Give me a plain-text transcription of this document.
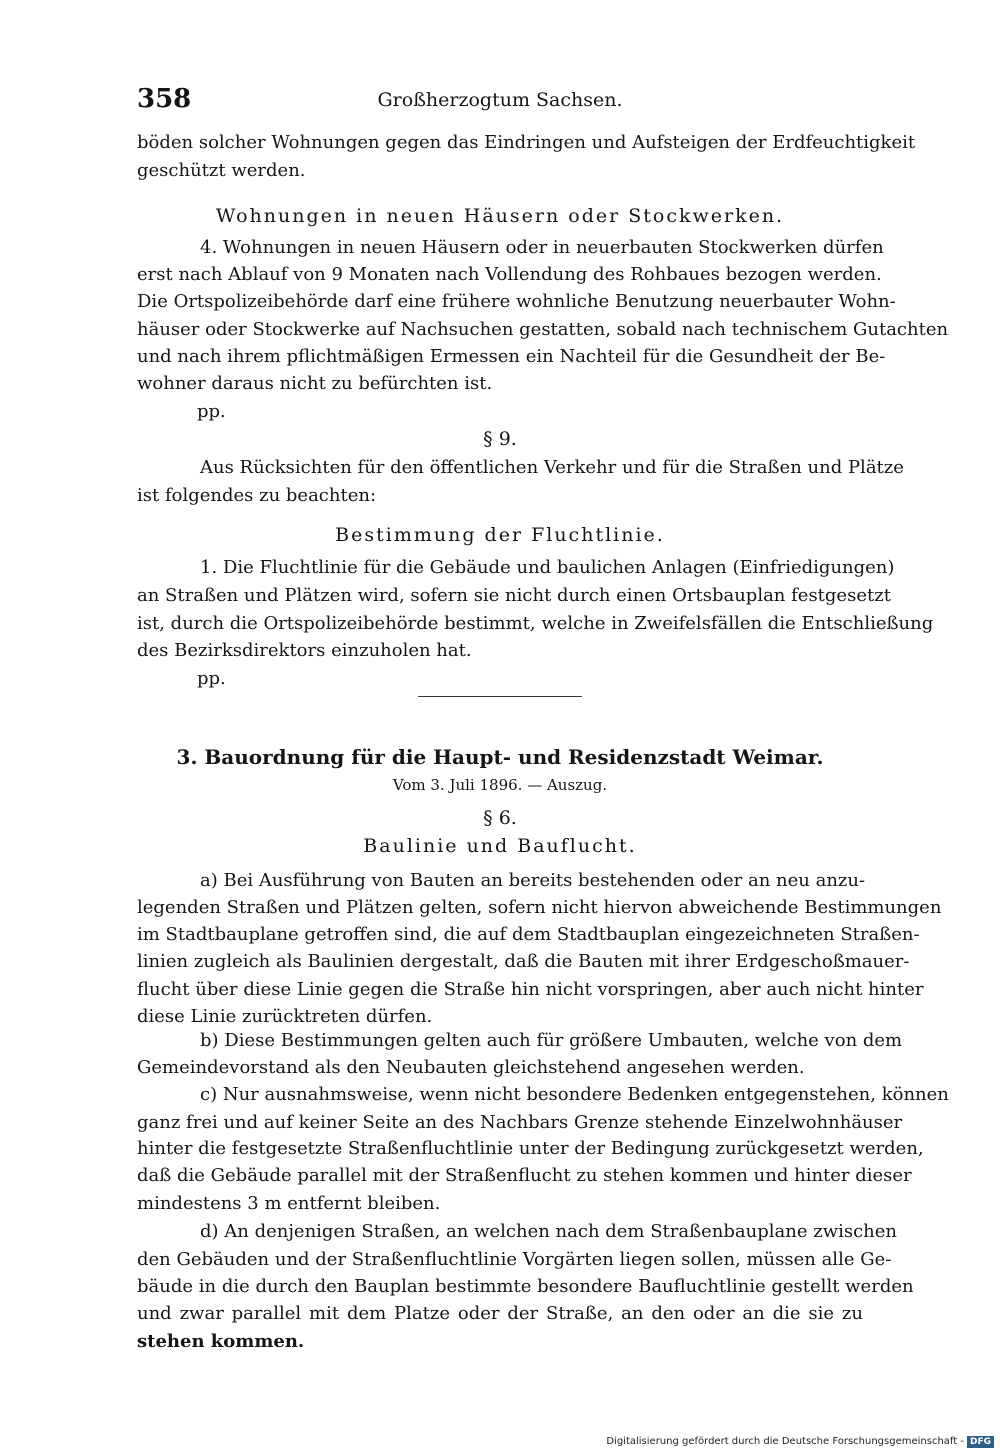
358	Großherzogtum Sachsen.
böden solcher Wohnungen gegen das Eindringen und Aufsteigen der Erdfeuchtigkeit
geschützt werden.
Wohnungen in neuen Häusern oder Stockwerken.
4. Wohnungen in neuen Häusern oder in neuerbauten Stockwerken dürfen
erst nach Ablauf von 9 Monaten nach Vollendung des Rohbaues bezogen werden.
Die Ortspolizeibehörde darf eine frühere wohnliche Benutzung neuerbauter Wohn-
häuser oder Stockwerke auf Nachsuchen gestatten, sobald nach technischem Gutachten
und nach ihrem pflichtmäßigen Ermessen ein Nachteil für die Gesundheit der Be-
wohner daraus nicht zu befürchten ist.
pp.
§ 9.
Aus Rücksichten für den öffentlichen Verkehr und für die Straßen und Plätze
ist folgendes zu beachten:
Bestimmung der Fluchtlinie.
1. Die Fluchtlinie für die Gebäude und baulichen Anlagen (Einfriedigungen)
an Straßen und Plätzen wird, sofern sie nicht durch einen Ortsbauplan festgesetzt
ist, durch die Ortspolizeibehörde bestimmt, welche in Zweifelsfällen die Entschließung
des Bezirksdirektors einzuholen hat.
pp.
3. Bauordnung für die Haupt- und Residenzstadt Weimar.
Vom 3. Juli 1896. — Auszug.
§ 6.
Baulinie und Bauflucht.
a) Bei Ausführung von Bauten an bereits bestehenden oder an neu anzu-
legenden Straßen und Plätzen gelten, sofern nicht hiervon abweichende Bestimmungen
im Stadtbauplane getroffen sind, die auf dem Stadtbauplan eingezeichneten Straßen-
linien zugleich als Baulinien dergestalt, daß die Bauten mit ihrer Erdgeschoßmauer-
flucht über diese Linie gegen die Straße hin nicht vorspringen, aber auch nicht hinter
diese Linie zurücktreten dürfen.
b) Diese Bestimmungen gelten auch für größere Umbauten, welche von dem
Gemeindevorstand als den Neubauten gleichstehend angesehen werden.
c) Nur ausnahmsweise, wenn nicht besondere Bedenken entgegenstehen, können
ganz frei und auf keiner Seite an des Nachbars Grenze stehende Einzelwohnhäuser
hinter die festgesetzte Straßenfluchtlinie unter der Bedingung zurückgesetzt werden,
daß die Gebäude parallel mit der Straßenflucht zu stehen kommen und hinter dieser
mindestens 3 m entfernt bleiben.
d) An denjenigen Straßen, an welchen nach dem Straßenbauplane zwischen
den Gebäuden und der Straßenfluchtlinie Vorgärten liegen sollen, müssen alle Ge-
bäude in die durch den Bauplan bestimmte besondere Baufluchtlinie gestellt werden
und zwar parallel mit dem Platze oder der Straße, an den oder an die sie zu
stehen kommen.
Digitalisierung gefördert durch die Deutsche Forschungsgemeinschaft - DFG
